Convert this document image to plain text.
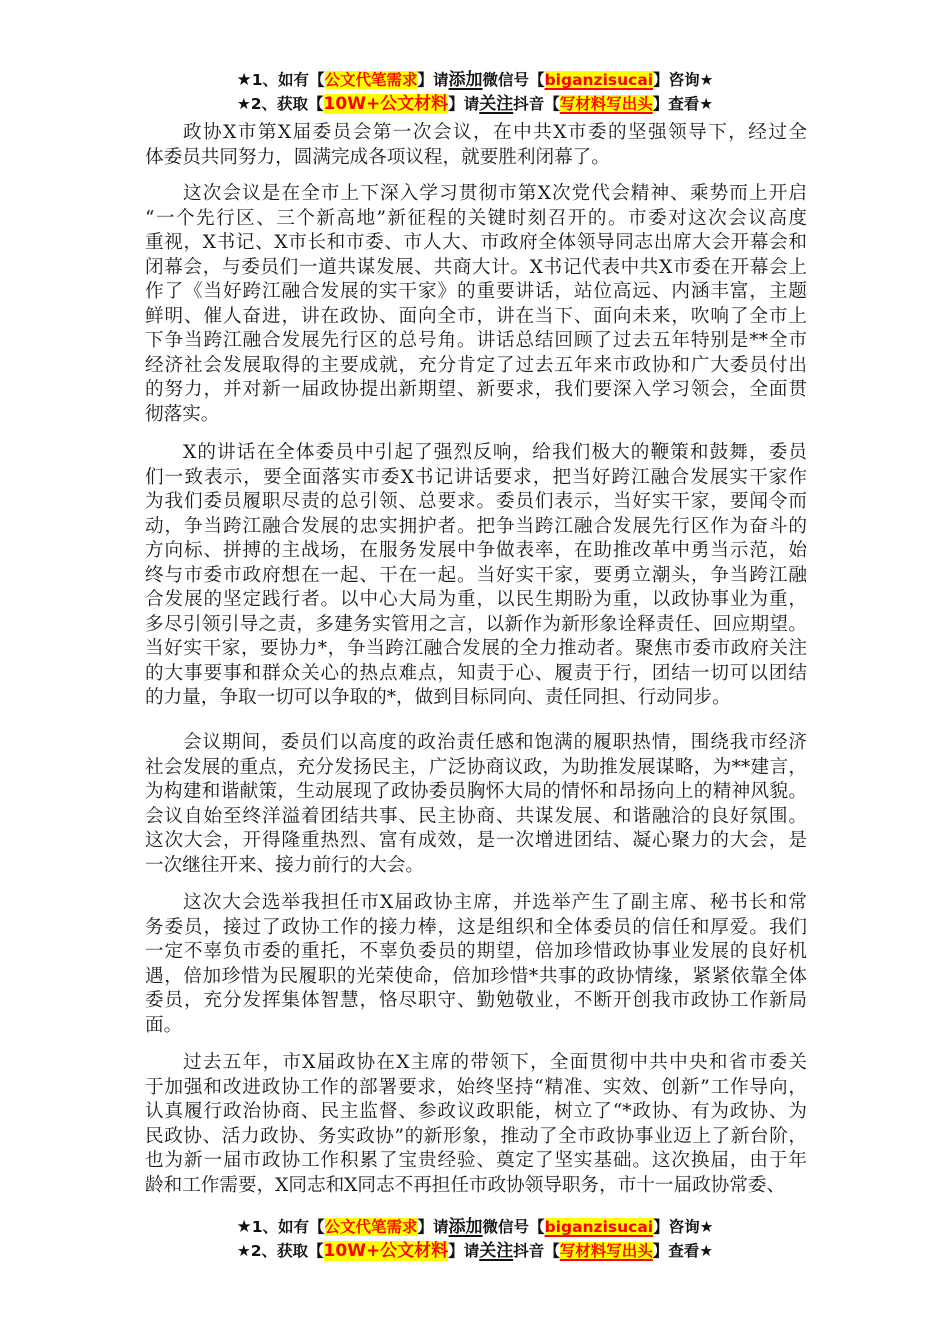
★1、如有【公文代笔需求】请添加微信号【biganzisucai】咨询★
★2、获取【10W+公文材料】请关注抖音【写材料写出头】查看★
政协X市第X届委员会第一次会议，在中共X市委的坚强领导下，经过全
体委员共同努力，圆满完成各项议程，就要胜利闭幕了。
这次会议是在全市上下深入学习贯彻市第X次党代会精神、乘势而上开启
“一个先行区、三个新高地”新征程的关键时刻召开的。市委对这次会议高度
重视，X书记、X市长和市委、市人大、市政府全体领导同志出席大会开幕会和
闭幕会，与委员们一道共谋发展、共商大计。X书记代表中共X市委在开幕会上
作了《当好跨江融合发展的实干家》的重要讲话，站位高远、内涵丰富，主题
鲜明、催人奋进，讲在政协、面向全市，讲在当下、面向未来，吹响了全市上
下争当跨江融合发展先行区的总号角。讲话总结回顾了过去五年特别是**全市
经济社会发展取得的主要成就，充分肯定了过去五年来市政协和广大委员付出
的努力，并对新一届政协提出新期望、新要求，我们要深入学习领会，全面贯
彻落实。
X的讲话在全体委员中引起了强烈反响，给我们极大的鞭策和鼓舞，委员
们一致表示，要全面落实市委X书记讲话要求，把当好跨江融合发展实干家作
为我们委员履职尽责的总引领、总要求。委员们表示，当好实干家，要闻令而
动，争当跨江融合发展的忠实拥护者。把争当跨江融合发展先行区作为奋斗的
方向标、拼搏的主战场，在服务发展中争做表率，在助推改革中勇当示范，始
终与市委市政府想在一起、干在一起。当好实干家，要勇立潮头，争当跨江融
合发展的坚定践行者。以中心大局为重，以民生期盼为重，以政协事业为重，
多尽引领引导之责，多建务实管用之言，以新作为新形象诠释责任、回应期望。
当好实干家，要协力*，争当跨江融合发展的全力推动者。聚焦市委市政府关注
的大事要事和群众关心的热点难点，知责于心、履责于行，团结一切可以团结
的力量，争取一切可以争取的*，做到目标同向、责任同担、行动同步。
会议期间，委员们以高度的政治责任感和饱满的履职热情，围绕我市经济
社会发展的重点，充分发扬民主，广泛协商议政，为助推发展谋略，为**建言，
为构建和谐献策，生动展现了政协委员胸怀大局的情怀和昂扬向上的精神风貌。
会议自始至终洋溢着团结共事、民主协商、共谋发展、和谐融洽的良好氛围。
这次大会，开得隆重热烈、富有成效，是一次增进团结、凝心聚力的大会，是
一次继往开来、接力前行的大会。
这次大会选举我担任市X届政协主席，并选举产生了副主席、秘书长和常
务委员，接过了政协工作的接力棒，这是组织和全体委员的信任和厚爱。我们
一定不辜负市委的重托，不辜负委员的期望，倍加珍惜政协事业发展的良好机
遇，倍加珍惜为民履职的光荣使命，倍加珍惜*共事的政协情缘，紧紧依靠全体
委员，充分发挥集体智慧，恪尽职守、勤勉敬业，不断开创我市政协工作新局
面。
过去五年，市X届政协在X主席的带领下，全面贯彻中共中央和省市委关
于加强和改进政协工作的部署要求，始终坚持“精准、实效、创新”工作导向，
认真履行政治协商、民主监督、参政议政职能，树立了“*政协、有为政协、为
民政协、活力政协、务实政协”的新形象，推动了全市政协事业迈上了新台阶，
也为新一届市政协工作积累了宝贵经验、奠定了坚实基础。这次换届，由于年
龄和工作需要，X同志和X同志不再担任市政协领导职务，市十一届政协常委、
★1、如有【公文代笔需求】请添加微信号【biganzisucai】咨询★
★2、获取【10W+公文材料】请关注抖音【写材料写出头】查看★
